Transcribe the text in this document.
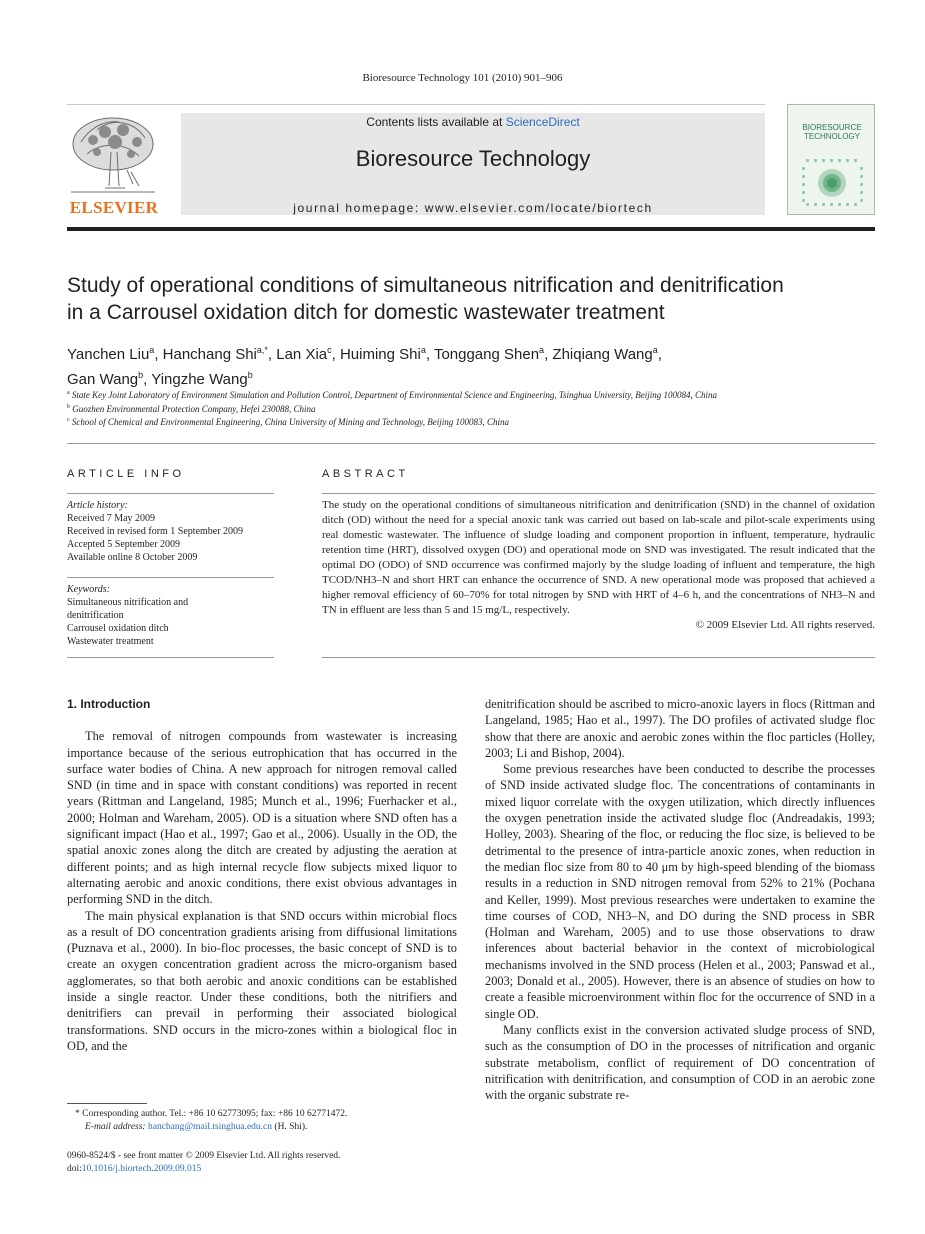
Bioresource Technology 101 (2010) 901–906
ELSEVIER
Contents lists available at ScienceDirect
Bioresource Technology
journal homepage: www.elsevier.com/locate/biortech
BIORESOURCE TECHNOLOGY
Study of operational conditions of simultaneous nitrification and denitrification
in a Carrousel oxidation ditch for domestic wastewater treatment
Yanchen Liu$^a$, Hanchang Shi$^{a,*}$, Lan Xia$^c$, Huiming Shi$^a$, Tonggang Shen$^a$, Zhiqiang Wang$^a$,
Gan Wang$^b$, Yingzhe Wang$^b$
$^a$ State Key Joint Laboratory of Environment Simulation and Pollution Control, Department of Environmental Science and Engineering, Tsinghua University, Beijing 100084, China
$^b$ Guozhen Environmental Protection Company, Hefei 230088, China
$^c$ School of Chemical and Environmental Engineering, China University of Mining and Technology, Beijing 100083, China
ARTICLE INFO
Article history:
Received 7 May 2009
Received in revised form 1 September 2009
Accepted 5 September 2009
Available online 8 October 2009
Keywords:
Simultaneous nitrification and
denitrification
Carrousel oxidation ditch
Wastewater treatment
ABSTRACT
The study on the operational conditions of simultaneous nitrification and denitrification (SND) in the channel of oxidation ditch (OD) without the need for a special anoxic tank was carried out based on lab-scale and pilot-scale experiments using real domestic wastewater. The influence of sludge loading and component proportion in influent, temperature, hydraulic retention time (HRT), dissolved oxygen (DO) and operational mode on SND was investigated. The result indicated that the optimal DO (ODO) of SND occurrence was confirmed majorly by the sludge loading of influent and temperature, the high TCOD/NH3–N and short HRT can enhance the occurrence of SND. A new operational mode was proposed that achieved a higher removal efficiency of 60–70% for total nitrogen by SND with HRT of 4–6 h, and the concentrations of NH3–N and TN in effluent are less than 5 and 15 mg/L, respectively.
© 2009 Elsevier Ltd. All rights reserved.
1. Introduction

The removal of nitrogen compounds from wastewater is increasing importance because of the serious eutrophication that has occurred in the surface water bodies of China. A new approach for nitrogen removal called SND (in time and in space with constant conditions) was reported in recent years (Rittman and Langeland, 1985; Munch et al., 1996; Fuerhacker et al., 2000; Holman and Wareham, 2005). OD is a situation where SND often has a significant impact (Hao et al., 1997; Gao et al., 2006). Usually in the OD, the spatial anoxic zones along the ditch are created by adjusting the aeration at different points; and as high internal recycle flow subjects mixed liquor to alternating aerobic and anoxic conditions, there exist obvious advantages in performing SND in the ditch.

The main physical explanation is that SND occurs within microbial flocs as a result of DO concentration gradients arising from diffusional limitations (Puznava et al., 2000). In bio-floc processes, the basic concept of SND is to create an oxygen concentration gradient across the micro-organism based agglomerates, so that both aerobic and anoxic conditions can be established inside a single reactor. Under these conditions, both the nitrifiers and denitrifiers can prevail in performing their associated biological transformations. SND occurs in the micro-zones within a biological floc in OD, and the

denitrification should be ascribed to micro-anoxic layers in flocs (Rittman and Langeland, 1985; Hao et al., 1997). The DO profiles of activated sludge floc show that there are anoxic and aerobic zones within the floc particles (Holley, 2003; Li and Bishop, 2004).

Some previous researches have been conducted to describe the processes of SND inside activated sludge floc. The concentrations of contaminants in mixed liquor correlate with the oxygen utilization, which directly influences the oxygen penetration inside the activated sludge floc (Andreadakis, 1993; Holley, 2003). Shearing of the floc, or reducing the floc size, is believed to be detrimental to the presence of intra-particle anoxic zones, when reduction in the median floc size from 80 to 40 μm by high-speed blending of the biomass results in a reduction in SND nitrogen removal from 52% to 21% (Pochana and Keller, 1999). Most previous researches were undertaken to examine the time courses of COD, NH3–N, and DO during the SND process in SBR (Holman and Wareham, 2005) and to use those observations to draw inferences about bacterial behavior in the context of microbiological mechanisms involved in the SND process (Helen et al., 2003; Panswad et al., 2003; Donald et al., 2005). However, there is an absence of studies on how to create a feasible microenvironment within floc for the occurrence of SND in a single OD.

Many conflicts exist in the conversion activated sludge process of SND, such as the consumption of DO in the processes of nitrification and organic substrate metabolism, conflict of requirement of DO concentration of nitrification with denitrification, and consumption of COD in an aerobic zone with the organic substrate re-

* Corresponding author. Tel.: +86 10 62773095; fax: +86 10 62771472.
E-mail address: hanchang@mail.tsinghua.edu.cn (H. Shi).
0960-8524/$ - see front matter © 2009 Elsevier Ltd. All rights reserved.
doi:10.1016/j.biortech.2009.09.015
